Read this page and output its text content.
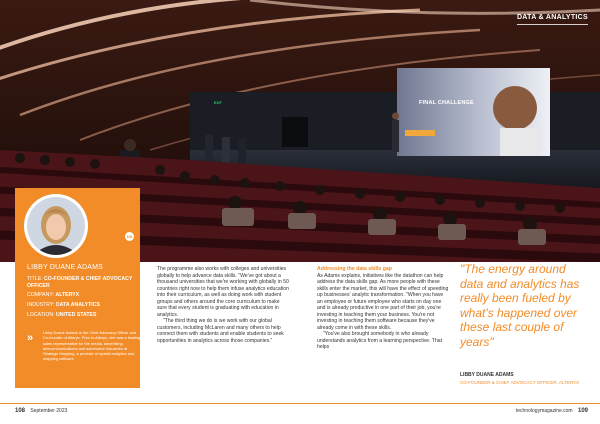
EXIT	FINAL CHALLENGE
DATA & ANALYTICS
US
LIBBY DUANE ADAMS
TITLE: CO-FOUNDER & CHIEF ADVOCACY OFFICER
COMPANY: ALTERYX
INDUSTRY: DATA ANALYTICS
LOCATION: UNITED STATES
»	Libby Duane Adams is the Chief Advocacy Officer and Co-founder of Alteryx. Prior to Alteryx, she was a leading sales representative for the media, advertising, telecommunications and automotive industries at Strategic Mapping, a provider of spatial analytics and mapping software.

The programme also works with colleges and universities globally to help advance data skills. "We've got about a thousand universities that we're working with globally in 50 countries right now to help them infuse analytics education into their curriculum, as well as doing work with student groups and others around the core curriculum to make sure that every student is graduating with education in analytics.

"The third thing we do is we work with our global customers, including McLaren and many others to help connect them with students and enable students to seek opportunities in analytics across those companies."

Addressing the data skills gap

As Adams explains, initiatives like the datathon can help address the data skills gap. As more people with these skills enter the market, this will have the effect of speeding up businesses' analytic transformation. "When you have an employee or future employee who starts on day one and is already productive in one part of their job, you're investing in teaching them your business. You're not investing in teaching them software because they've already come in with these skills.

"You've also brought somebody in who already understands analytics from a learning perspective. That helps

"The energy around data and analytics has really been fueled by what's happened over these last couple of years"
LIBBY DUANE ADAMS
CO-FOUNDER & CHIEF ADVOCACY OFFICER, ALTERYX
108 September 2023	technologymagazine.com 109
